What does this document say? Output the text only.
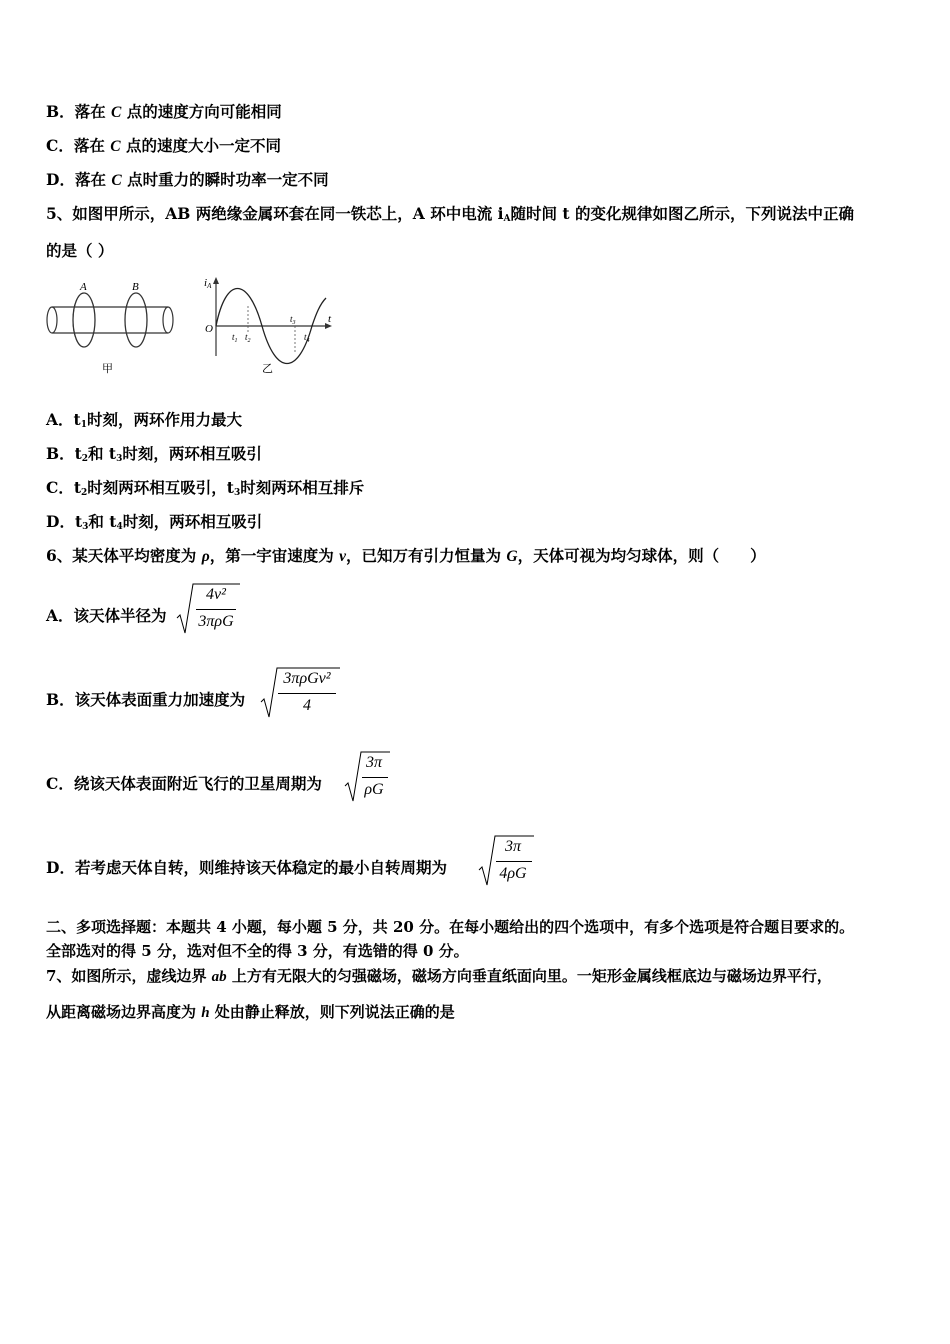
B．落在 C 点的速度方向可能相同
C．落在 C 点的速度大小一定不同
D．落在 C 点时重力的瞬时功率一定不同
5、如图甲所示，AB 两绝缘金属环套在同一铁芯上，A 环中电流 $i_A$随时间 t 的变化规律如图乙所示，下列说法中正确
的是（ ）
A	B
甲
iA
O
t
$t_1$ $t_2$
$t_3$
$t_4$
乙
A．$t_1$时刻，两环作用力最大
B．$t_2$和 $t_3$时刻，两环相互吸引
C．$t_2$时刻两环相互吸引，$t_3$时刻两环相互排斥
D．$t_3$和 $t_4$时刻，两环相互吸引
6、某天体平均密度为 ρ，第一宇宙速度为 v，已知万有引力恒量为 G，天体可视为均匀球体，则（　　）
A．该天体半径为
4v²
3πρG
B．该天体表面重力加速度为
3πρGv²
4
C．绕该天体表面附近飞行的卫星周期为
3π
ρG
D．若考虑天体自转，则维持该天体稳定的最小自转周期为
3π
4ρG
二、多项选择题：本题共 4 小题，每小题 5 分，共 20 分。在每小题给出的四个选项中，有多个选项是符合题目要求的。
全部选对的得 5 分，选对但不全的得 3 分，有选错的得 0 分。
7、如图所示，虚线边界 ab 上方有无限大的匀强磁场，磁场方向垂直纸面向里。一矩形金属线框底边与磁场边界平行，
从距离磁场边界高度为 h 处由静止释放，则下列说法正确的是
